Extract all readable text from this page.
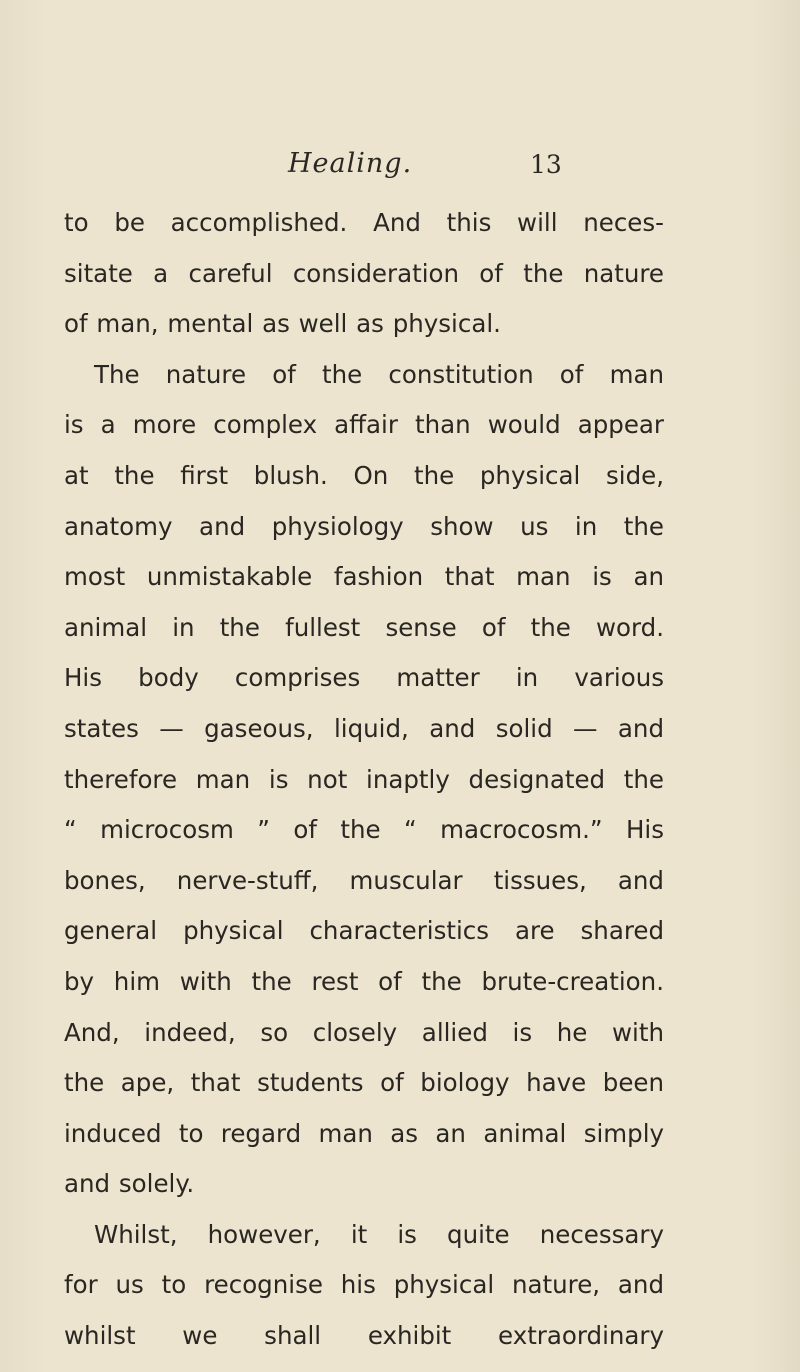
Healing.	13
to be accomplished. And this will neces-
sitate a careful consideration of the nature
of man, mental as well as physical.
The nature of the constitution of man
is a more complex affair than would appear
at the first blush. On the physical side,
anatomy and physiology show us in the
most unmistakable fashion that man is an
animal in the fullest sense of the word.
His body comprises matter in various
states — gaseous, liquid, and solid — and
therefore man is not inaptly designated the
“ microcosm ” of the “ macrocosm.” His
bones, nerve-stuff, muscular tissues, and
general physical characteristics are shared
by him with the rest of the brute-creation.
And, indeed, so closely allied is he with
the ape, that students of biology have been
induced to regard man as an animal simply
and solely.
Whilst, however, it is quite necessary
for us to recognise his physical nature, and
whilst we shall exhibit extraordinary
